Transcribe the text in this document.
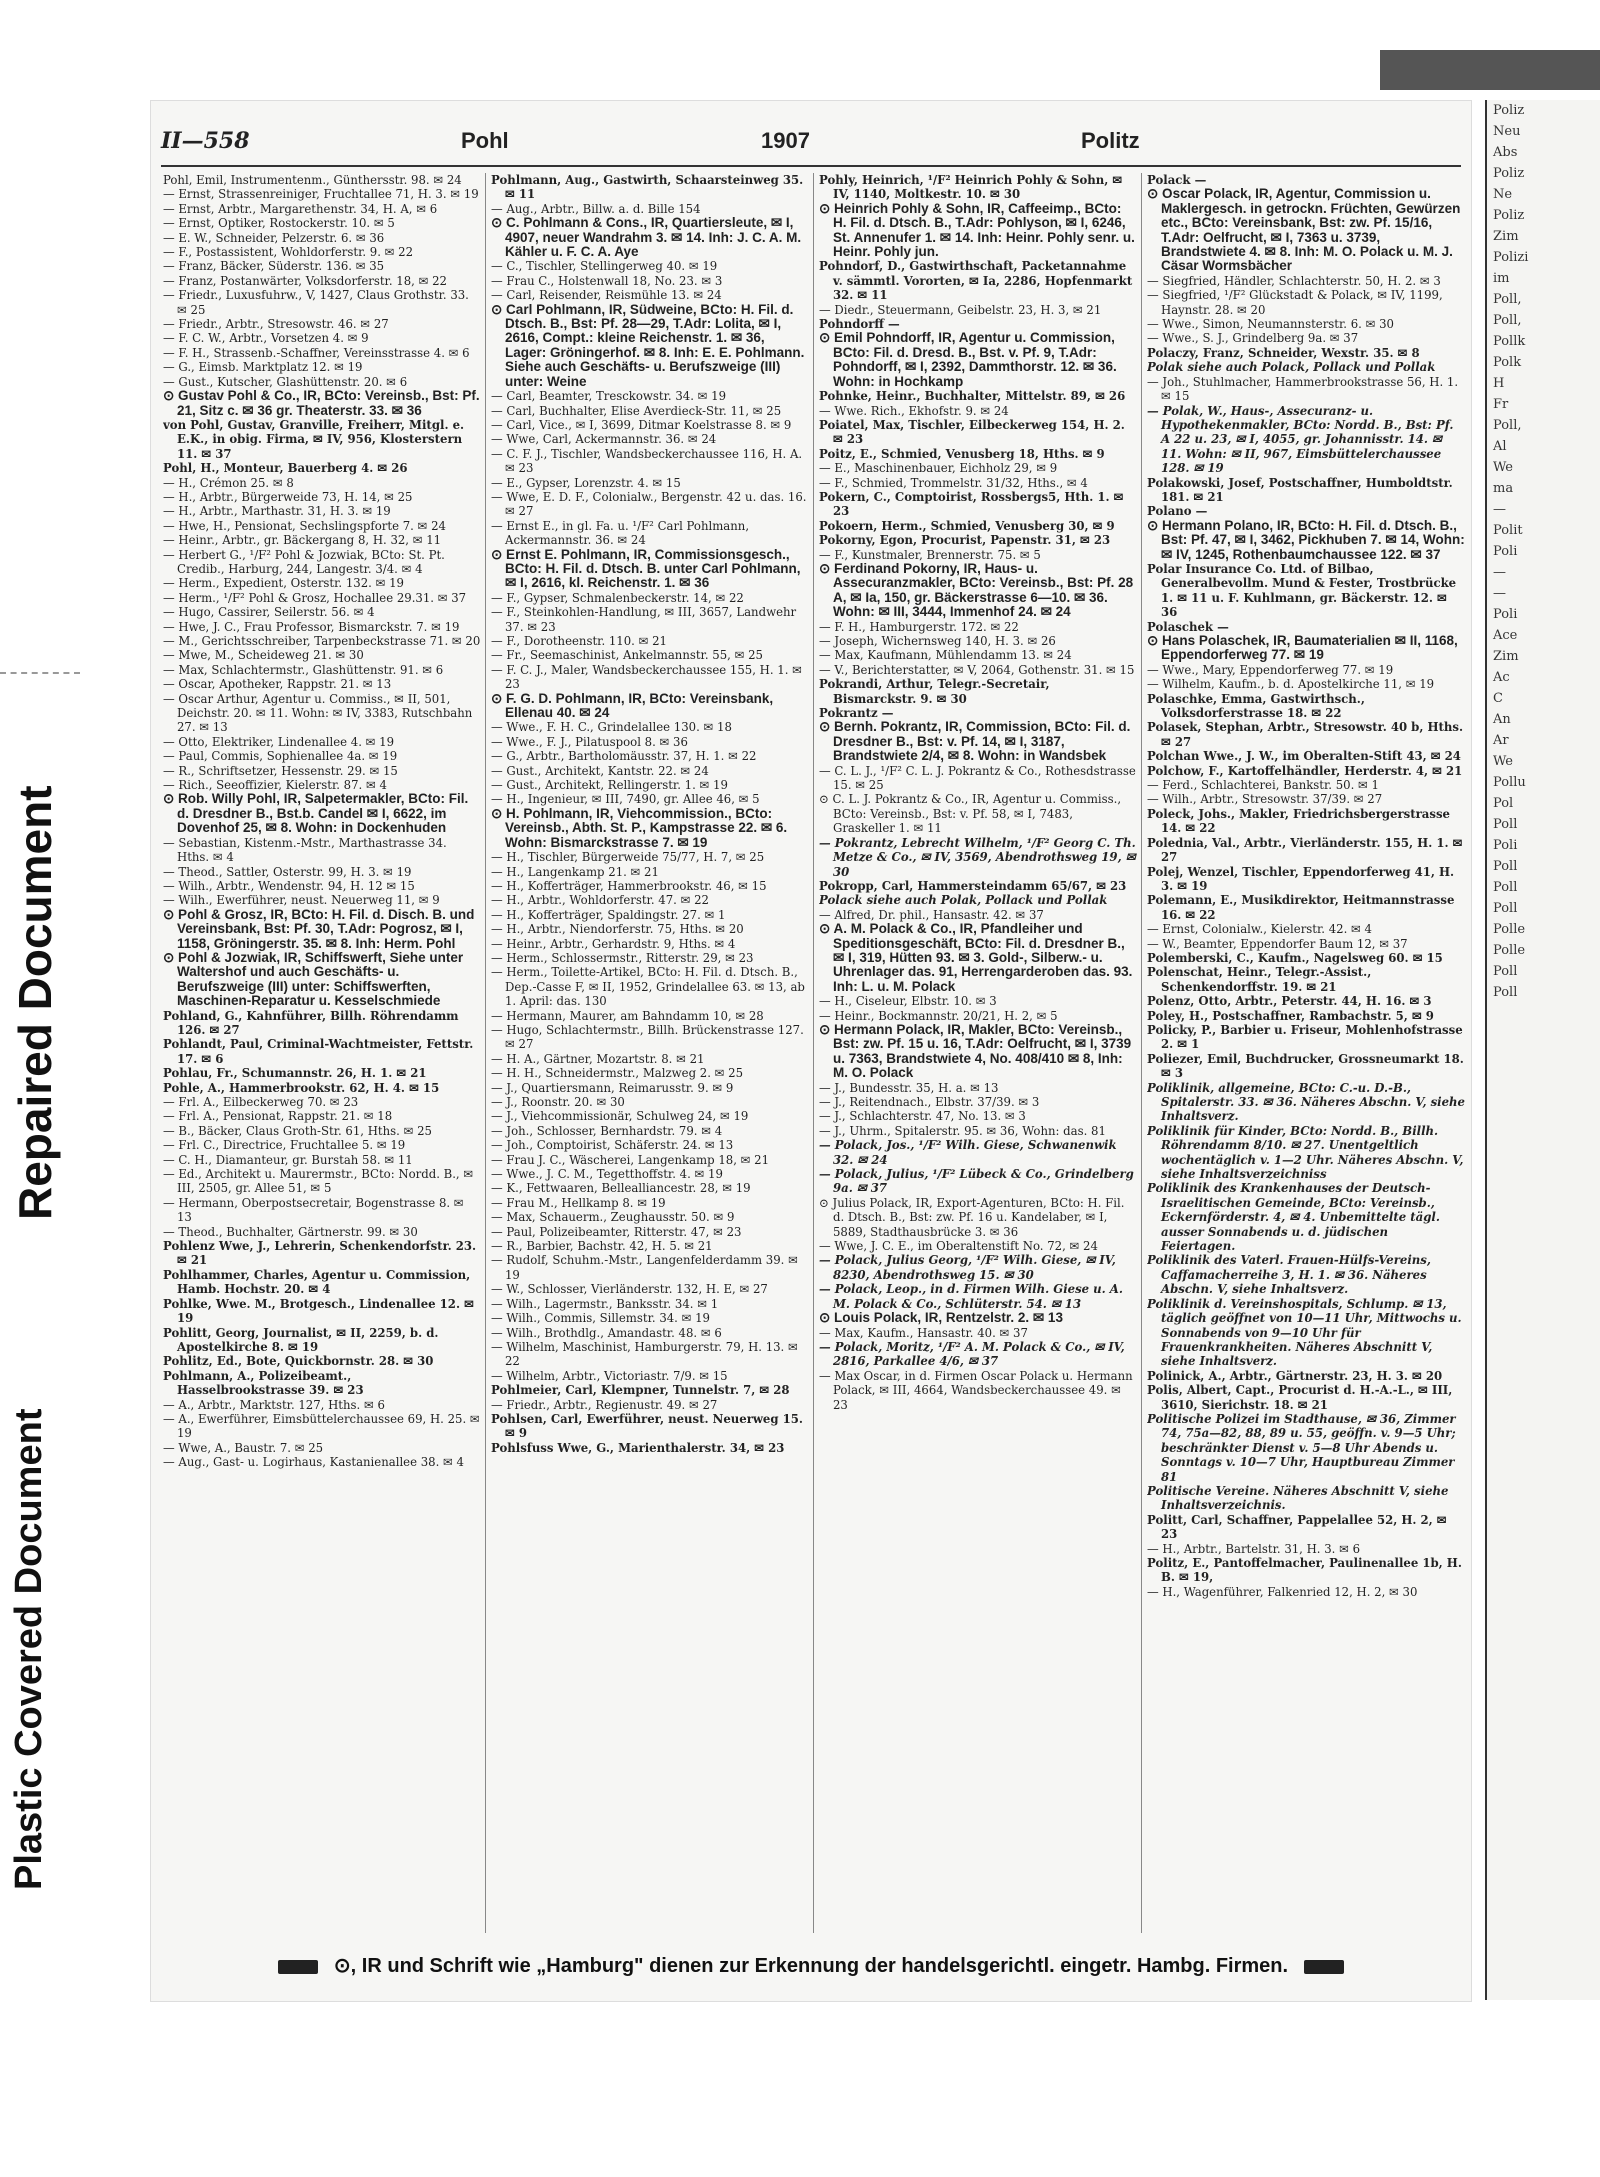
Repaired Document
Plastic Covered Document
II—558	Pohl	1907	Politz
Pohl, Emil, Instrumentenm., Günthersstr. 98. ✉ 24
— Ernst, Strassenreiniger, Fruchtallee 71, H. 3. ✉ 19
— Ernst, Arbtr., Margarethenstr. 34, H. A, ✉ 6
— Ernst, Optiker, Rostockerstr. 10. ✉ 5
— E. W., Schneider, Pelzerstr. 6. ✉ 36
— F., Postassistent, Wohldorferstr. 9. ✉ 22
— Franz, Bäcker, Süderstr. 136. ✉ 35
— Franz, Postanwärter, Volksdorferstr. 18, ✉ 22
— Friedr., Luxusfuhrw., V, 1427, Claus Grothstr. 33. ✉ 25
— Friedr., Arbtr., Stresowstr. 46. ✉ 27
— F. C. W., Arbtr., Vorsetzen 4. ✉ 9
— F. H., Strassenb.-Schaffner, Vereinsstrasse 4. ✉ 6
— G., Eimsb. Marktplatz 12. ✉ 19
— Gust., Kutscher, Glashüttenstr. 20. ✉ 6
⊙ Gustav Pohl & Co., IR, BCto: Vereinsb., Bst: Pf. 21, Sitz c. ✉ 36 gr. Theaterstr. 33. ✉ 36
von Pohl, Gustav, Granville, Freiherr, Mitgl. e. E.K., in obig. Firma, ✉ IV, 956, Klosterstern 11. ✉ 37
Pohl, H., Monteur, Bauerberg 4. ✉ 26
— H., Crémon 25. ✉ 8
— H., Arbtr., Bürgerweide 73, H. 14, ✉ 25
— H., Arbtr., Marthastr. 31, H. 3. ✉ 19
— Hwe, H., Pensionat, Sechslingspforte 7. ✉ 24
— Heinr., Arbtr., gr. Bäckergang 8, H. 32, ✉ 11
— Herbert G., ¹/F² Pohl & Jozwiak, BCto: St. Pt. Credib., Harburg, 244, Langestr. 3/4. ✉ 4
— Herm., Expedient, Osterstr. 132. ✉ 19
— Herm., ¹/F² Pohl & Grosz, Hochallee 29.31. ✉ 37
— Hugo, Cassirer, Seilerstr. 56. ✉ 4
— Hwe, J. C., Frau Professor, Bismarckstr. 7. ✉ 19
— M., Gerichtsschreiber, Tarpenbeckstrasse 71. ✉ 20
— Mwe, M., Scheideweg 21. ✉ 30
— Max, Schlachtermstr., Glashüttenstr. 91. ✉ 6
— Oscar, Apotheker, Rappstr. 21. ✉ 13
— Oscar Arthur, Agentur u. Commiss., ✉ II, 501, Deichstr. 20. ✉ 11. Wohn: ✉ IV, 3383, Rutschbahn 27. ✉ 13
— Otto, Elektriker, Lindenallee 4. ✉ 19
— Paul, Commis, Sophienallee 4a. ✉ 19
— R., Schriftsetzer, Hessenstr. 29. ✉ 15
— Rich., Seeoffizier, Kielerstr. 87. ✉ 4
⊙ Rob. Willy Pohl, IR, Salpetermakler, BCto: Fil. d. Dresdner B., Bst.b. Candel ✉ I, 6622, im Dovenhof 25, ✉ 8. Wohn: in Dockenhuden
— Sebastian, Kistenm.-Mstr., Marthastrasse 34. Hths. ✉ 4
— Theod., Sattler, Osterstr. 99, H. 3. ✉ 19
— Wilh., Arbtr., Wendenstr. 94, H. 12 ✉ 15
— Wilh., Ewerführer, neust. Neuerweg 11, ✉ 9
⊙ Pohl & Grosz, IR, BCto: H. Fil. d. Disch. B. und Vereinsbank, Bst: Pf. 30, T.Adr: Pogrosz, ✉ I, 1158, Gröningerstr. 35. ✉ 8. Inh: Herm. Pohl
⊙ Pohl & Jozwiak, IR, Schiffswerft, Siehe unter Waltershof und auch Geschäfts- u. Berufszweige (III) unter: Schiffswerften, Maschinen-Reparatur u. Kesselschmiede
Pohland, G., Kahnführer, Billh. Röhrendamm 126. ✉ 27
Pohlandt, Paul, Criminal-Wachtmeister, Fettstr. 17. ✉ 6
Pohlau, Fr., Schumannstr. 26, H. 1. ✉ 21
Pohle, A., Hammerbrookstr. 62, H. 4. ✉ 15
— Frl. A., Eilbeckerweg 70. ✉ 23
— Frl. A., Pensionat, Rappstr. 21. ✉ 18
— B., Bäcker, Claus Groth-Str. 61, Hths. ✉ 25
— Frl. C., Directrice, Fruchtallee 5. ✉ 19
— C. H., Diamanteur, gr. Burstah 58. ✉ 11
— Ed., Architekt u. Maurermstr., BCto: Nordd. B., ✉ III, 2505, gr. Allee 51, ✉ 5
— Hermann, Oberpostsecretair, Bogenstrasse 8. ✉ 13
— Theod., Buchhalter, Gärtnerstr. 99. ✉ 30
Pohlenz Wwe, J., Lehrerin, Schenkendorfstr. 23. ✉ 21
Pohlhammer, Charles, Agentur u. Commission, Hamb. Hochstr. 20. ✉ 4
Pohlke, Wwe. M., Brotgesch., Lindenallee 12. ✉ 19
Pohlitt, Georg, Journalist, ✉ II, 2259, b. d. Apostelkirche 8. ✉ 19
Pohlitz, Ed., Bote, Quickbornstr. 28. ✉ 30
Pohlmann, A., Polizeibeamt., Hasselbrookstrasse 39. ✉ 23
— A., Arbtr., Marktstr. 127, Hths. ✉ 6
— A., Ewerführer, Eimsbüttelerchaussee 69, H. 25. ✉ 19
— Wwe, A., Baustr. 7. ✉ 25
— Aug., Gast- u. Logirhaus, Kastanienallee 38. ✉ 4
Pohlmann, Aug., Gastwirth, Schaarsteinweg 35. ✉ 11
— Aug., Arbtr., Billw. a. d. Bille 154
⊙ C. Pohlmann & Cons., IR, Quartiersleute, ✉ I, 4907, neuer Wandrahm 3. ✉ 14. Inh: J. C. A. M. Kähler u. F. C. A. Aye
— C., Tischler, Stellingerweg 40. ✉ 19
— Frau C., Holstenwall 18, No. 23. ✉ 3
— Carl, Reisender, Reismühle 13. ✉ 24
⊙ Carl Pohlmann, IR, Südweine, BCto: H. Fil. d. Dtsch. B., Bst: Pf. 28—29, T.Adr: Lolita, ✉ I, 2616, Compt.: kleine Reichenstr. 1. ✉ 36, Lager: Gröningerhof. ✉ 8. Inh: E. E. Pohlmann. Siehe auch Geschäfts- u. Berufszweige (III) unter: Weine
— Carl, Beamter, Tresckowstr. 34. ✉ 19
— Carl, Buchhalter, Elise Averdieck-Str. 11, ✉ 25
— Carl, Vice., ✉ I, 3699, Ditmar Koelstrasse 8. ✉ 9
— Wwe, Carl, Ackermannstr. 36. ✉ 24
— C. F. J., Tischler, Wandsbeckerchaussee 116, H. A. ✉ 23
— E., Gypser, Lorenzstr. 4. ✉ 15
— Wwe, E. D. F., Colonialw., Bergenstr. 42 u. das. 16. ✉ 27
— Ernst E., in gl. Fa. u. ¹/F² Carl Pohlmann, Ackermannstr. 36. ✉ 24
⊙ Ernst E. Pohlmann, IR, Commissionsgesch., BCto: H. Fil. d. Dtsch. B. unter Carl Pohlmann, ✉ I, 2616, kl. Reichenstr. 1. ✉ 36
— F., Gypser, Schmalenbeckerstr. 14, ✉ 22
— F., Steinkohlen-Handlung, ✉ III, 3657, Landwehr 37. ✉ 23
— F., Dorotheenstr. 110. ✉ 21
— Fr., Seemaschinist, Ankelmannstr. 55, ✉ 25
— F. C. J., Maler, Wandsbeckerchaussee 155, H. 1. ✉ 23
⊙ F. G. D. Pohlmann, IR, BCto: Vereinsbank, Ellenau 40. ✉ 24
— Wwe., F. H. C., Grindelallee 130. ✉ 18
— Wwe., F. J., Pilatuspool 8. ✉ 36
— G., Arbtr., Bartholomäusstr. 37, H. 1. ✉ 22
— Gust., Architekt, Kantstr. 22. ✉ 24
— Gust., Architekt, Rellingerstr. 1. ✉ 19
— H., Ingenieur, ✉ III, 7490, gr. Allee 46, ✉ 5
⊙ H. Pohlmann, IR, Viehcommission., BCto: Vereinsb., Abth. St. P., Kampstrasse 22. ✉ 6. Wohn: Bismarckstrasse 7. ✉ 19
— H., Tischler, Bürgerweide 75/77, H. 7, ✉ 25
— H., Langenkamp 21. ✉ 21
— H., Kofferträger, Hammerbrookstr. 46, ✉ 15
— H., Arbtr., Wohldorferstr. 47. ✉ 22
— H., Kofferträger, Spaldingstr. 27. ✉ 1
— H., Arbtr., Niendorferstr. 75, Hths. ✉ 20
— Heinr., Arbtr., Gerhardstr. 9, Hths. ✉ 4
— Herm., Schlossermstr., Ritterstr. 29, ✉ 23
— Herm., Toilette-Artikel, BCto: H. Fil. d. Dtsch. B., Dep.-Casse F, ✉ II, 1952, Grindelallee 63. ✉ 13, ab 1. April: das. 130
— Hermann, Maurer, am Bahndamm 10, ✉ 28
— Hugo, Schlachtermstr., Billh. Brückenstrasse 127. ✉ 27
— H. A., Gärtner, Mozartstr. 8. ✉ 21
— H. H., Schneidermstr., Malzweg 2. ✉ 25
— J., Quartiersmann, Reimarusstr. 9. ✉ 9
— J., Roonstr. 20. ✉ 30
— J., Viehcommissionär, Schulweg 24, ✉ 19
— Joh., Schlosser, Bernhardstr. 79. ✉ 4
— Joh., Comptoirist, Schäferstr. 24. ✉ 13
— Frau J. C., Wäscherei, Langenkamp 18, ✉ 21
— Wwe., J. C. M., Tegetthoffstr. 4. ✉ 19
— K., Fettwaaren, Bellealliancestr. 28, ✉ 19
— Frau M., Hellkamp 8. ✉ 19
— Max, Schauerm., Zeughausstr. 50. ✉ 9
— Paul, Polizeibeamter, Ritterstr. 47, ✉ 23
— R., Barbier, Bachstr. 42, H. 5. ✉ 21
— Rudolf, Schuhm.-Mstr., Langenfelderdamm 39. ✉ 19
— W., Schlosser, Vierländerstr. 132, H. E, ✉ 27
— Wilh., Lagermstr., Banksstr. 34. ✉ 1
— Wilh., Commis, Sillemstr. 34. ✉ 19
— Wilh., Brothdlg., Amandastr. 48. ✉ 6
— Wilhelm, Maschinist, Hamburgerstr. 79, H. 13. ✉ 22
— Wilhelm, Arbtr., Victoriastr. 7/9. ✉ 15
Pohlmeier, Carl, Klempner, Tunnelstr. 7, ✉ 28
— Friedr., Arbtr., Regienustr. 49. ✉ 27
Pohlsen, Carl, Ewerführer, neust. Neuerweg 15. ✉ 9
Pohlsfuss Wwe, G., Marienthalerstr. 34, ✉ 23
Pohly, Heinrich, ¹/F² Heinrich Pohly & Sohn, ✉ IV, 1140, Moltkestr. 10. ✉ 30
⊙ Heinrich Pohly & Sohn, IR, Caffeeimp., BCto: H. Fil. d. Dtsch. B., T.Adr: Pohlyson, ✉ I, 6246, St. Annenufer 1. ✉ 14. Inh: Heinr. Pohly senr. u. Heinr. Pohly jun.
Pohndorf, D., Gastwirthschaft, Packetannahme v. sämmtl. Vororten, ✉ Ia, 2286, Hopfenmarkt 32. ✉ 11
— Diedr., Steuermann, Geibelstr. 23, H. 3, ✉ 21
Pohndorff —
⊙ Emil Pohndorff, IR, Agentur u. Commission, BCto: Fil. d. Dresd. B., Bst. v. Pf. 9, T.Adr: Pohndorff, ✉ I, 2392, Dammthorstr. 12. ✉ 36. Wohn: in Hochkamp
Pohnke, Heinr., Buchhalter, Mittelstr. 89, ✉ 26
— Wwe. Rich., Ekhofstr. 9. ✉ 24
Poiatel, Max, Tischler, Eilbeckerweg 154, H. 2. ✉ 23
Poitz, E., Schmied, Venusberg 18, Hths. ✉ 9
— E., Maschinenbauer, Eichholz 29, ✉ 9
— F., Schmied, Trommelstr. 31/32, Hths., ✉ 4
Pokern, C., Comptoirist, Rossbergs5, Hth. 1. ✉ 23
Pokoern, Herm., Schmied, Venusberg 30, ✉ 9
Pokorny, Egon, Procurist, Papenstr. 31, ✉ 23
— F., Kunstmaler, Brennerstr. 75. ✉ 5
⊙ Ferdinand Pokorny, IR, Haus- u. Assecuranzmakler, BCto: Vereinsb., Bst: Pf. 28 A, ✉ Ia, 150, gr. Bäckerstrasse 6—10. ✉ 36. Wohn: ✉ III, 3444, Immenhof 24. ✉ 24
— F. H., Hamburgerstr. 172. ✉ 22
— Joseph, Wichernsweg 140, H. 3. ✉ 26
— Max, Kaufmann, Mühlendamm 13. ✉ 24
— V., Berichterstatter, ✉ V, 2064, Gothenstr. 31. ✉ 15
Pokrandi, Arthur, Telegr.-Secretair, Bismarckstr. 9. ✉ 30
Pokrantz —
⊙ Bernh. Pokrantz, IR, Commission, BCto: Fil. d. Dresdner B., Bst: v. Pf. 14, ✉ I, 3187, Brandstwiete 2/4, ✉ 8. Wohn: in Wandsbek
— C. L. J., ¹/F² C. L. J. Pokrantz & Co., Rothesdstrasse 15. ✉ 25
⊙ C. L. J. Pokrantz & Co., IR, Agentur u. Commiss., BCto: Vereinsb., Bst: v. Pf. 58, ✉ I, 7483, Graskeller 1. ✉ 11
— Pokrantz, Lebrecht Wilhelm, ¹/F² Georg C. Th. Metze & Co., ✉ IV, 3569, Abendrothsweg 19, ✉ 30
Pokropp, Carl, Hammersteindamm 65/67, ✉ 23
Polack siehe auch Polak, Pollack und Pollak
— Alfred, Dr. phil., Hansastr. 42. ✉ 37
⊙ A. M. Polack & Co., IR, Pfandleiher und Speditionsgeschäft, BCto: Fil. d. Dresdner B., ✉ I, 319, Hütten 93. ✉ 3. Gold-, Silberw.- u. Uhrenlager das. 91, Herrengarderoben das. 93. Inh: L. u. M. Polack
— H., Ciseleur, Elbstr. 10. ✉ 3
— Heinr., Bockmannstr. 20/21, H. 2, ✉ 5
⊙ Hermann Polack, IR, Makler, BCto: Vereinsb., Bst: zw. Pf. 15 u. 16, T.Adr: Oelfrucht, ✉ I, 3739 u. 7363, Brandstwiete 4, No. 408/410 ✉ 8, Inh: M. O. Polack
— J., Bundesstr. 35, H. a. ✉ 13
— J., Reitendnach., Elbstr. 37/39. ✉ 3
— J., Schlachterstr. 47, No. 13. ✉ 3
— J., Uhrm., Spitalerstr. 95. ✉ 36, Wohn: das. 81
— Polack, Jos., ¹/F² Wilh. Giese, Schwanenwik 32. ✉ 24
— Polack, Julius, ¹/F² Lübeck & Co., Grindelberg 9a. ✉ 37
⊙ Julius Polack, IR, Export-Agenturen, BCto: H. Fil. d. Dtsch. B., Bst: zw. Pf. 16 u. Kandelaber, ✉ I, 5889, Stadthausbrücke 3. ✉ 36
— Wwe, J. C. E., im Oberaltenstift No. 72, ✉ 24
— Polack, Julius Georg, ¹/F² Wilh. Giese, ✉ IV, 8230, Abendrothsweg 15. ✉ 30
— Polack, Leop., in d. Firmen Wilh. Giese u. A. M. Polack & Co., Schlüterstr. 54. ✉ 13
⊙ Louis Polack, IR, Rentzelstr. 2. ✉ 13
— Max, Kaufm., Hansastr. 40. ✉ 37
— Polack, Moritz, ¹/F² A. M. Polack & Co., ✉ IV, 2816, Parkallee 4/6, ✉ 37
— Max Oscar, in d. Firmen Oscar Polack u. Hermann Polack, ✉ III, 4664, Wandsbeckerchaussee 49. ✉ 23
Polack —
⊙ Oscar Polack, IR, Agentur, Commission u. Maklergesch. in getrockn. Früchten, Gewürzen etc., BCto: Vereinsbank, Bst: zw. Pf. 15/16, T.Adr: Oelfrucht, ✉ I, 7363 u. 3739, Brandstwiete 4. ✉ 8. Inh: M. O. Polack u. M. J. Cäsar Wormsbächer
— Siegfried, Händler, Schlachterstr. 50, H. 2. ✉ 3
— Siegfried, ¹/F² Glückstadt & Polack, ✉ IV, 1199, Haynstr. 28. ✉ 20
— Wwe., Simon, Neumannsterstr. 6. ✉ 30
— Wwe., S. J., Grindelberg 9a. ✉ 37
Polaczy, Franz, Schneider, Wexstr. 35. ✉ 8
Polak siehe auch Polack, Pollack und Pollak
— Joh., Stuhlmacher, Hammerbrookstrasse 56, H. 1. ✉ 15
— Polak, W., Haus-, Assecuranz- u. Hypothekenmakler, BCto: Nordd. B., Bst: Pf. A 22 u. 23, ✉ I, 4055, gr. Johannisstr. 14. ✉ 11. Wohn: ✉ II, 967, Eimsbüttelerchaussee 128. ✉ 19
Polakowski, Josef, Postschaffner, Humboldtstr. 181. ✉ 21
Polano —
⊙ Hermann Polano, IR, BCto: H. Fil. d. Dtsch. B., Bst: Pf. 47, ✉ I, 3462, Pickhuben 7. ✉ 14, Wohn: ✉ IV, 1245, Rothenbaumchaussee 122. ✉ 37
Polar Insurance Co. Ltd. of Bilbao, Generalbevollm. Mund & Fester, Trostbrücke 1. ✉ 11 u. F. Kuhlmann, gr. Bäckerstr. 12. ✉ 36
Polaschek —
⊙ Hans Polaschek, IR, Baumaterialien ✉ II, 1168, Eppendorferweg 77. ✉ 19
— Wwe., Mary, Eppendorferweg 77. ✉ 19
— Wilhelm, Kaufm., b. d. Apostelkirche 11, ✉ 19
Polaschke, Emma, Gastwirthsch., Volksdorferstrasse 18. ✉ 22
Polasek, Stephan, Arbtr., Stresowstr. 40 b, Hths. ✉ 27
Polchan Wwe., J. W., im Oberalten-Stift 43, ✉ 24
Polchow, F., Kartoffelhändler, Herderstr. 4, ✉ 21
— Ferd., Schlachterei, Bankstr. 50. ✉ 1
— Wilh., Arbtr., Stresowstr. 37/39. ✉ 27
Poleck, Johs., Makler, Friedrichsbergerstrasse 14. ✉ 22
Polednia, Val., Arbtr., Vierländerstr. 155, H. 1. ✉ 27
Polej, Wenzel, Tischler, Eppendorferweg 41, H. 3. ✉ 19
Polemann, E., Musikdirektor, Heitmannstrasse 16. ✉ 22
— Ernst, Colonialw., Kielerstr. 42. ✉ 4
— W., Beamter, Eppendorfer Baum 12, ✉ 37
Polemberski, C., Kaufm., Nagelsweg 60. ✉ 15
Polenschat, Heinr., Telegr.-Assist., Schenkendorffstr. 19. ✉ 21
Polenz, Otto, Arbtr., Peterstr. 44, H. 16. ✉ 3
Poley, H., Postschaffner, Rambachstr. 5, ✉ 9
Policky, P., Barbier u. Friseur, Mohlenhofstrasse 2. ✉ 1
Poliezer, Emil, Buchdrucker, Grossneumarkt 18. ✉ 3
Poliklinik, allgemeine, BCto: C.-u. D.-B., Spitalerstr. 33. ✉ 36. Näheres Abschn. V, siehe Inhaltsverz.
Poliklinik für Kinder, BCto: Nordd. B., Billh. Röhrendamm 8/10. ✉ 27. Unentgeltlich wochentäglich v. 1—2 Uhr. Näheres Abschn. V, siehe Inhaltsverzeichniss
Poliklinik des Krankenhauses der Deutsch-Israelitischen Gemeinde, BCto: Vereinsb., Eckernförderstr. 4, ✉ 4. Unbemittelte tägl. ausser Sonnabends u. d. jüdischen Feiertagen.
Poliklinik des Vaterl. Frauen-Hülfs-Vereins, Caffamacherreihe 3, H. 1. ✉ 36. Näheres Abschn. V, siehe Inhaltsverz.
Poliklinik d. Vereinshospitals, Schlump. ✉ 13, täglich geöffnet von 10—11 Uhr, Mittwochs u. Sonnabends von 9—10 Uhr für Frauenkrankheiten. Näheres Abschnitt V, siehe Inhaltsverz.
Polinick, A., Arbtr., Gärtnerstr. 23, H. 3. ✉ 20
Polis, Albert, Capt., Procurist d. H.-A.-L., ✉ III, 3610, Sierichstr. 18. ✉ 21
Politische Polizei im Stadthause, ✉ 36, Zimmer 74, 75a—82, 88, 89 u. 55, geöffn. v. 9—5 Uhr; beschränkter Dienst v. 5—8 Uhr Abends u. Sonntags v. 10—7 Uhr, Hauptbureau Zimmer 81
Politische Vereine. Näheres Abschnitt V, siehe Inhaltsverzeichnis.
Politt, Carl, Schaffner, Pappelallee 52, H. 2, ✉ 23
— H., Arbtr., Bartelstr. 31, H. 3. ✉ 6
Politz, E., Pantoffelmacher, Paulinenallee 1b, H. B. ✉ 19,
— H., Wagenführer, Falkenried 12, H. 2, ✉ 30
⊙, IR und Schrift wie „Hamburg" dienen zur Erkennung der handelsgerichtl. eingetr. Hambg. Firmen.
Poliz
Neu
Abs
Poliz
Ne
Poliz
Zim
Polizi
im
Poll,
Poll,
Pollk
Polk
H
Fr
Poll,
Al
We
ma
—
Polit
Poli
—
—
Poli
Ace
Zim
Ac
C
An
Ar
We
Pollu
Pol
Poll
Poli
Poll
Poll
Poll
Polle
Polle
Poll
Poll
